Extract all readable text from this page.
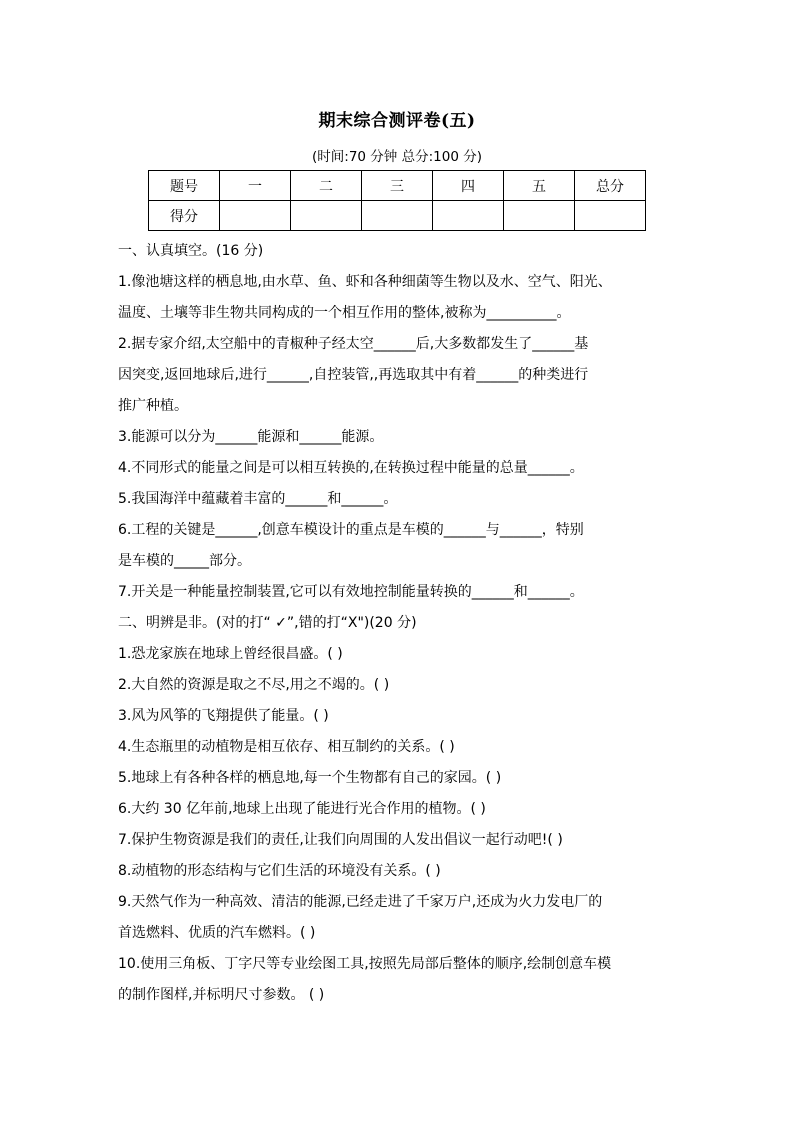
期末综合测评卷(五)
(时间:70 分钟 总分:100 分)
题号	一	二	三	四	五	总分
得分						
一、认真填空。(16 分)
1.像池塘这样的栖息地,由水草、鱼、虾和各种细菌等生物以及水、空气、阳光、
温度、土壤等非生物共同构成的一个相互作用的整体,被称为__________。
2.据专家介绍,太空船中的青椒种子经太空______后,大多数都发生了______基
因突变,返回地球后,进行______,自控装管,,再选取其中有着______的种类进行
推广种植。
3.能源可以分为______能源和______能源。
4.不同形式的能量之间是可以相互转换的,在转换过程中能量的总量______。
5.我国海洋中蕴藏着丰富的______和______。
6.工程的关键是______,创意车模设计的重点是车模的______与______，特别
是车模的_____部分。
7.开关是一种能量控制装置,它可以有效地控制能量转换的______和______。
二、明辨是非。(对的打“ ✓”,错的打“X")(20 分)
1.恐龙家族在地球上曾经很昌盛。( )
2.大自然的资源是取之不尽,用之不竭的。( )
3.风为风筝的飞翔提供了能量。( )
4.生态瓶里的动植物是相互依存、相互制约的关系。( )
5.地球上有各种各样的栖息地,每一个生物都有自己的家园。( )
6.大约 30 亿年前,地球上出现了能进行光合作用的植物。( )
7.保护生物资源是我们的责任,让我们向周围的人发出倡议一起行动吧!( )
8.动植物的形态结构与它们生活的环境没有关系。( )
9.天然气作为一种高效、清洁的能源,已经走进了千家万户,还成为火力发电厂的
首选燃料、优质的汽车燃料。( )
10.使用三角板、丁字尺等专业绘图工具,按照先局部后整体的顺序,绘制创意车模
的制作图样,并标明尺寸参数。 ( )
